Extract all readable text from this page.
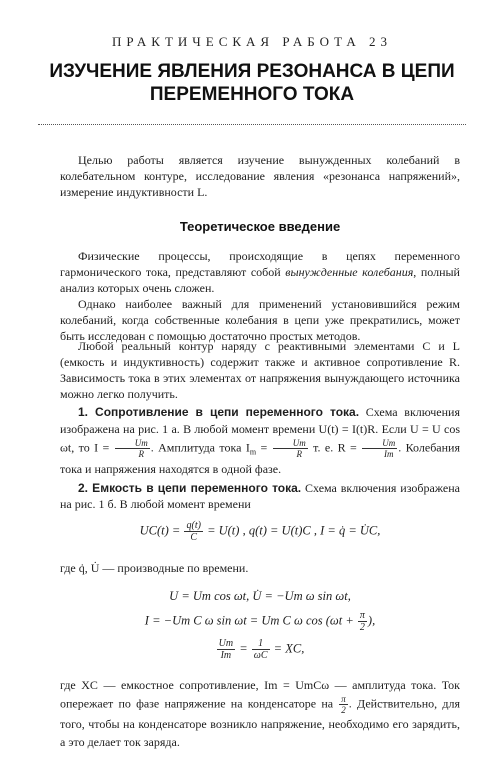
ПРАКТИЧЕСКАЯ РАБОТА 23
ИЗУЧЕНИЕ ЯВЛЕНИЯ РЕЗОНАНСА В ЦЕПИ ПЕРЕМЕННОГО ТОКА

Целью работы является изучение вынужденных колебаний в колебательном контуре, исследование явления «резонанса напряжений», измерение индуктивности L.

Теоретическое введение

Физические процессы, происходящие в цепях переменного гармонического тока, представляют собой вынужденные колебания, полный анализ которых очень сложен.

Однако наиболее важный для применений установившийся режим колебаний, когда собственные колебания в цепи уже прекратились, может быть исследован с помощью достаточно простых методов.

Любой реальный контур наряду с реактивными элементами C и L (емкость и индуктивность) содержит также и активное сопротивление R. Зависимость тока в этих элементах от напряжения вынуждающего источника можно легко получить.

1. Сопротивление в цепи переменного тока. Схема включения изображена на рис. 1 а. В любой момент времени U(t) = I(t)R. Если U = U cos ωt, то $I = \frac{Um}{R}$ . Амплитуда тока $I_m = \frac{Um}{R} т$. е. $R = \frac{Um}{Im}$ . Колебания тока и напряжения находятся в одной фазе.

2. Емкость в цепи переменного тока. Схема включения изображена на рис. 1 б. В любой момент времени

$UC(t) = \frac{q(t)}{C} = U(t)$ , q(t) = U(t)C , I = q̇ = U̇C,

где q̇, U̇ — производные по времени.

U = Um cos ωt, U̇ = −Um ω sin ωt,
I = −Um C ω sin ωt = Um C ω $\cos (\omega t + \frac{\pi}{2}$ ),
$\frac{Um}{Im} = \frac{1}{\omega C}$ = XC,

где XC — емкостное сопротивление, Im = UmCω — амплитуда тока. Ток опережает по фазе напряжение на конденсаторе на $\frac{\pi}{2}$ . Действительно, для того, чтобы на конденсаторе возникло напряжение, необходимо его зарядить, а это делает ток заряда.
